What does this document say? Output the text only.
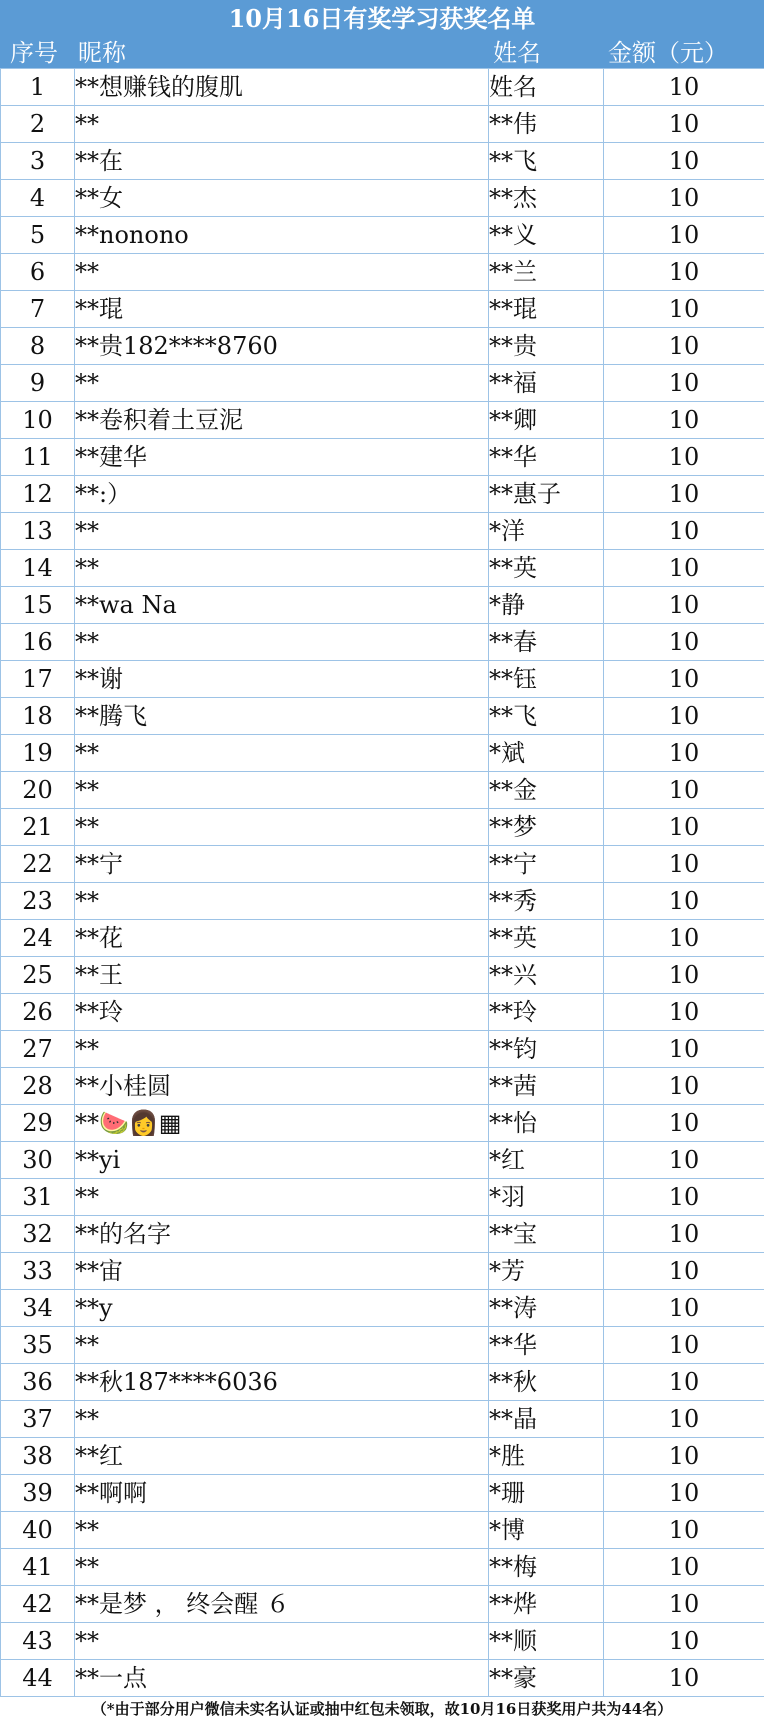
10月16日有奖学习获奖名单
序号 昵称	姓名	金额（元）
1	**想赚钱的腹肌	姓名	10
2	**	**伟	10
3	**在	**飞	10
4	**女	**杰	10
5	**nonono	**义	10
6	**	**兰	10
7	**琨	**琨	10
8	**贵182****8760	**贵	10
9	**	**福	10
10	**卷积着土豆泥	**卿	10
11	**建华	**华	10
12	**:）	**惠子	10
13	**	*洋	10
14	**	**英	10
15	**wa Na	*静	10
16	**	**春	10
17	**谢	**钰	10
18	**腾飞	**飞	10
19	**	*斌	10
20	**	**金	10
21	**	**梦	10
22	**宁	**宁	10
23	**	**秀	10
24	**花	**英	10
25	**王	**兴	10
26	**玲	**玲	10
27	**	**钧	10
28	**小桂圆	**茜	10
29	**🍉👩▦	**怡	10
30	**yi	*红	10
31	**	*羽	10
32	**的名字	**宝	10
33	**宙	*芳	10
34	**y	**涛	10
35	**	**华	10
36	**秋187****6036	**秋	10
37	**	**晶	10
38	**红	*胜	10
39	**啊啊	*珊	10
40	**	*博	10
41	**	**梅	10
42	**是梦 ， 终会醒 ６	**烨	10
43	**	**顺	10
44	**一点	**豪	10
（*由于部分用户微信未实名认证或抽中红包未领取，故10月16日获奖用户共为44名）
